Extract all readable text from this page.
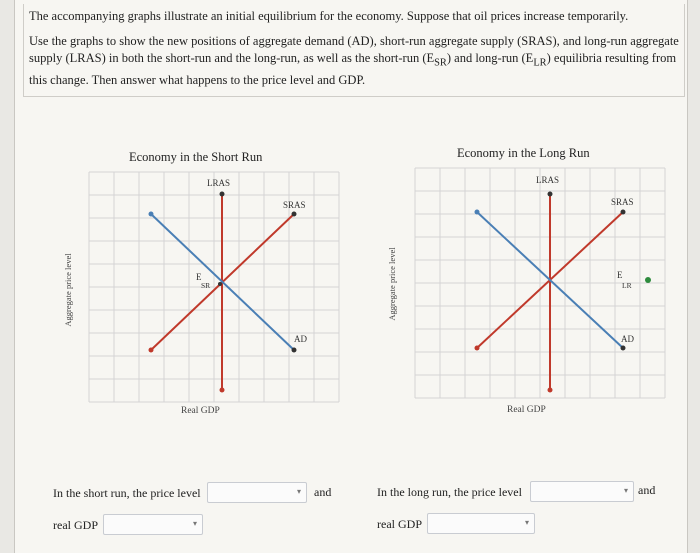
The accompanying graphs illustrate an initial equilibrium for the economy. Suppose that oil prices increase temporarily.

Use the graphs to show the new positions of aggregate demand (AD), short-run aggregate supply (SRAS), and long-run aggregate supply (LRAS) in both the short-run and the long-run, as well as the short-run $(E_{SR})$ and long-run $(E_{LR})$ equilibria resulting from this change. Then answer what happens to the price level and GDP.

Economy in the Short Run
Aggregate price level
Real GDP
LRAS
SRAS
AD
E
SR
Economy in the Long Run
Aggregate price level
Real GDP
LRAS
SRAS
AD
E
LR
In the short run, the price level	▾ and
real GDP	▾
In the long run, the price level	▾ and
real GDP	▾
